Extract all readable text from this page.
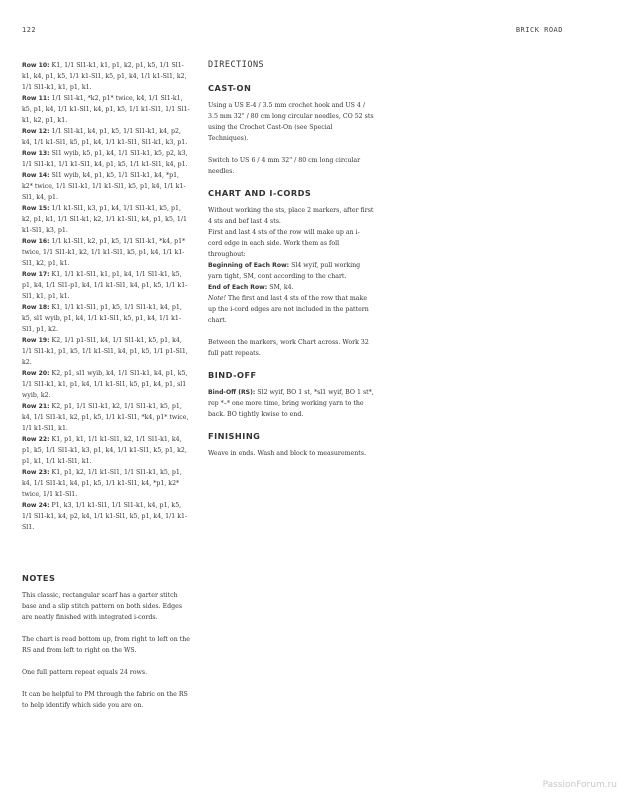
122	BRICK ROAD

Row 10: K1, 1/1 Sl1-k1, k1, p1, k2, p1, k5, 1/1 Sl1-k1, k4, p1, k5, 1/1 k1-Sl1, k5, p1, k4, 1/1 k1-Sl1, k2, 1/1 Sl1-k1, k1, p1, k1.

Row 11: 1/1 Sl1-k1, *k2, p1* twice, k4, 1/1 Sl1-k1, k5, p1, k4, 1/1 k1-Sl1, k4, p1, k5, 1/1 k1-Sl1, 1/1 Sl1-k1, k2, p1, k1.

Row 12: 1/1 Sl1-k1, k4, p1, k5, 1/1 Sl1-k1, k4, p2, k4, 1/1 k1-Sl1, k5, p1, k4, 1/1 k1-Sl1, Sl1-k1, k3, p1.

Row 13: Sl1 wyib, k5, p1, k4, 1/1 Sl1-k1, k5, p2, k3, 1/1 Sl1-k1, 1/1 k1-Sl1, k4, p1, k5, 1/1 k1-Sl1, k4, p1.

Row 14: Sl1 wyib, k4, p1, k5, 1/1 Sl1-k1, k4, *p1, k2* twice, 1/1 Sl1-k1, 1/1 k1-Sl1, k5, p1, k4, 1/1 k1-Sl1, k4, p1.

Row 15: 1/1 k1-Sl1, k3, p1, k4, 1/1 Sl1-k1, k5, p1, k2, p1, k1, 1/1 Sl1-k1, k2, 1/1 k1-Sl1, k4, p1, k5, 1/1 k1-Sl1, k3, p1.

Row 16: 1/1 k1-Sl1, k2, p1, k5, 1/1 Sl1-k1, *k4, p1* twice, 1/1 Sl1-k1, k2, 1/1 k1-Sl1, k5, p1, k4, 1/1 k1-Sl1, k2, p1, k1.

Row 17: K1, 1/1 k1-Sl1, k1, p1, k4, 1/1 Sl1-k1, k5, p1, k4, 1/1 Sl1-p1, k4, 1/1 k1-Sl1, k4, p1, k5, 1/1 k1-Sl1, k1, p1, k1.

Row 18: K1, 1/1 k1-Sl1, p1, k5, 1/1 Sl1-k1, k4, p1, k5, sl1 wyib, p1, k4, 1/1 k1-Sl1, k5, p1, k4, 1/1 k1-Sl1, p1, k2.

Row 19: K2, 1/1 p1-Sl1, k4, 1/1 Sl1-k1, k5, p1, k4, 1/1 Sl1-k1, p1, k5, 1/1 k1-Sl1, k4, p1, k5, 1/1 p1-Sl1, k2.

Row 20: K2, p1, sl1 wyib, k4, 1/1 Sl1-k1, k4, p1, k5, 1/1 Sl1-k1, k1, p1, k4, 1/1 k1-Sl1, k5, p1, k4, p1, sl1 wyib, k2.

Row 21: K2, p1, 1/1 Sl1-k1, k2, 1/1 Sl1-k1, k5, p1, k4, 1/1 Sl1-k1, k2, p1, k5, 1/1 k1-Sl1, *k4, p1* twice, 1/1 k1-Sl1, k1.

Row 22: K1, p1, k1, 1/1 k1-Sl1, k2, 1/1 Sl1-k1, k4, p1, k5, 1/1 Sl1-k1, k3, p1, k4, 1/1 k1-Sl1, k5, p1, k2, p1, k1, 1/1 k1-Sl1, k1.

Row 23: K1, p1, k2, 1/1 k1-Sl1, 1/1 Sl1-k1, k5, p1, k4, 1/1 Sl1-k1, k4, p1, k5, 1/1 k1-Sl1, k4, *p1, k2* twice, 1/1 k1-Sl1.

Row 24: P1, k3, 1/1 k1-Sl1, 1/1 Sl1-k1, k4, p1, k5, 1/1 Sl1-k1, k4, p2, k4, 1/1 k1-Sl1, k5, p1, k4, 1/1 k1-Sl1.

NOTES

This classic, rectangular scarf has a garter stitch base and a slip stitch pattern on both sides. Edges are neatly finished with integrated i-cords.

The chart is read bottom up, from right to left on the RS and from left to right on the WS.

One full pattern repeat equals 24 rows.

It can be helpful to PM through the fabric on the RS to help identify which side you are on.

DIRECTIONS

CAST-ON

Using a US E-4 / 3.5 mm crochet hook and US 4 / 3.5 mm 32" / 80 cm long circular needles, CO 52 sts using the Crochet Cast-On (see Special Techniques).

Switch to US 6 / 4 mm 32" / 80 cm long circular needles.

CHART AND I-CORDS

Without working the sts, place 2 markers, after first 4 sts and bef last 4 sts.

First and last 4 sts of the row will make up an i-cord edge in each side. Work them as foll throughout:

Beginning of Each Row: Sl4 wyif, pull working yarn tight, SM, cont according to the chart.

End of Each Row: SM, k4.

Note! The first and last 4 sts of the row that make up the i-cord edges are not included in the pattern chart.

Between the markers, work Chart across. Work 32 full patt repeats.

BIND-OFF

Bind-Off (RS): Sl2 wyif, BO 1 st, *sl1 wyif, BO 1 st*, rep *–* one more time, bring working yarn to the back. BO tightly kwise to end.

FINISHING

Weave in ends. Wash and block to measurements.

PassionForum.ru
